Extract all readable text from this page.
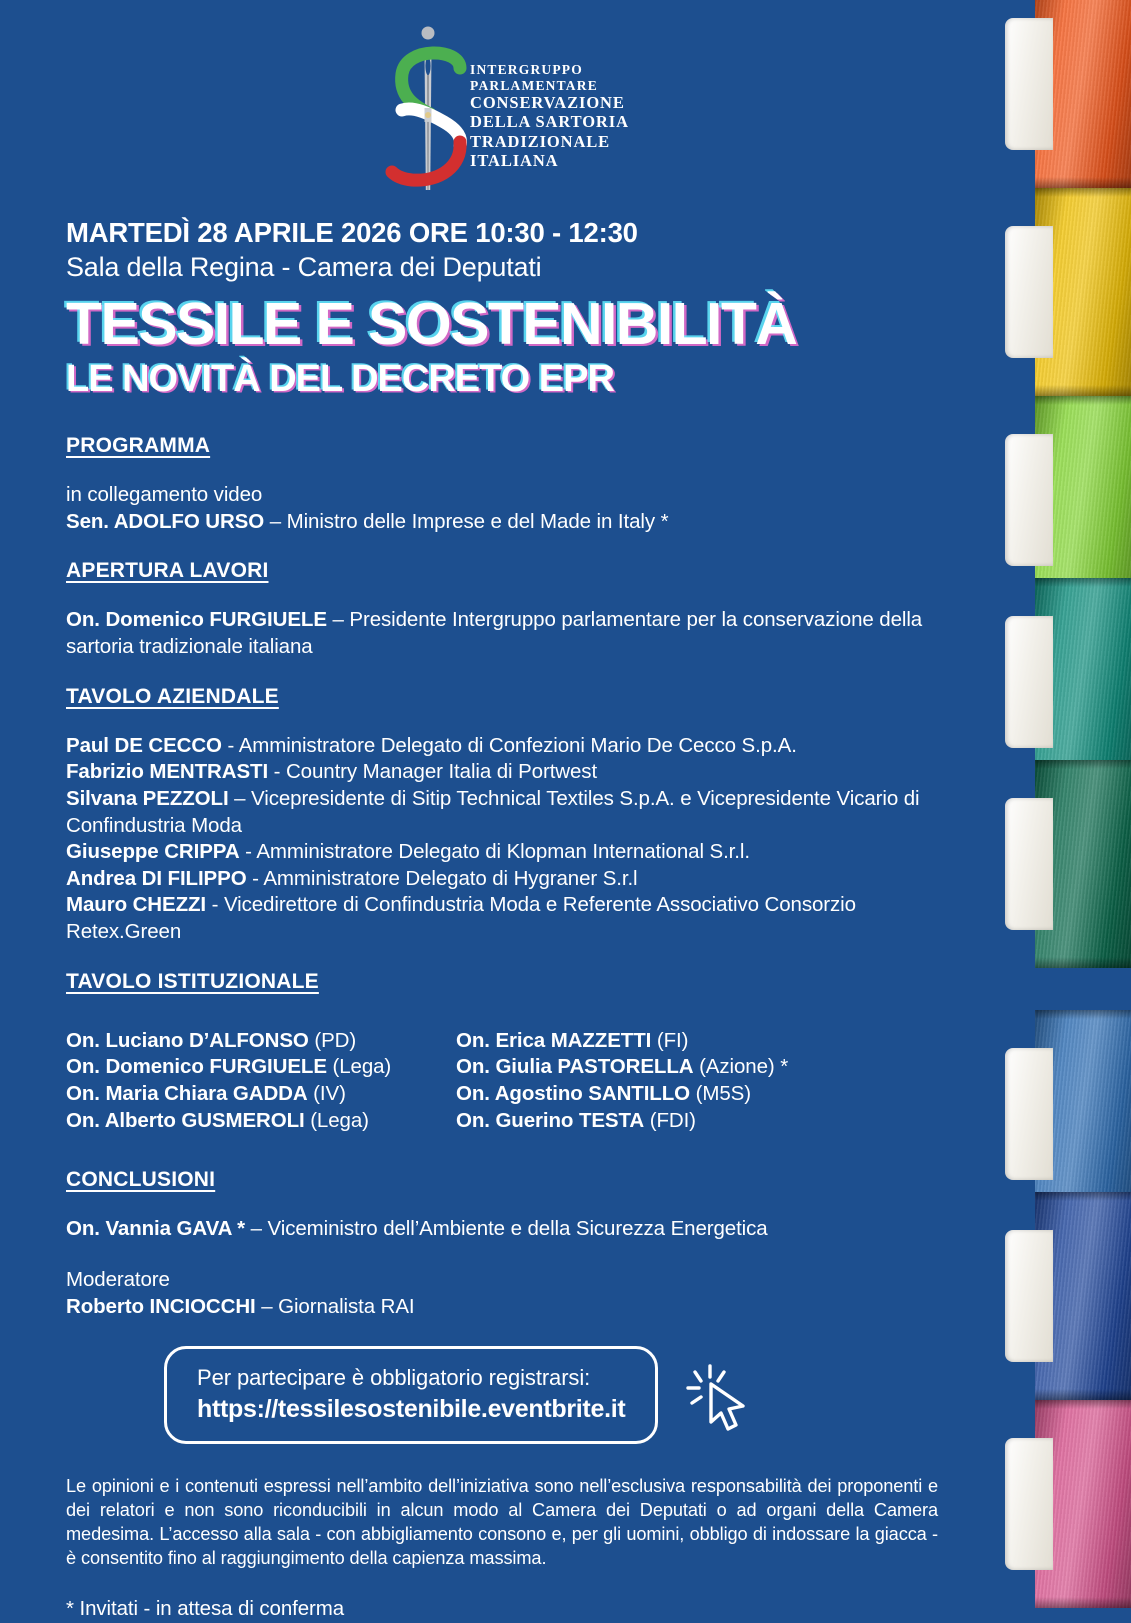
INTERGRUPPO
PARLAMENTARE
CONSERVAZIONE
DELLA SARTORIA
TRADIZIONALE
ITALIANA
MARTEDÌ 28 APRILE 2026 ORE 10:30 - 12:30
Sala della Regina - Camera dei Deputati
TESSILE E SOSTENIBILITÀ
LE NOVITÀ DEL DECRETO EPR
PROGRAMMA
in collegamento video
Sen. ADOLFO URSO – Ministro delle Imprese e del Made in Italy *
APERTURA LAVORI
On. Domenico FURGIUELE – Presidente Intergruppo parlamentare per la conservazione della sartoria tradizionale italiana
TAVOLO AZIENDALE
Paul DE CECCO - Amministratore Delegato di Confezioni Mario De Cecco S.p.A.
Fabrizio MENTRASTI - Country Manager Italia di Portwest
Silvana PEZZOLI – Vicepresidente di Sitip Technical Textiles S.p.A. e Vicepresidente Vicario di Confindustria Moda
Giuseppe CRIPPA - Amministratore Delegato di Klopman International S.r.l.
Andrea DI FILIPPO - Amministratore Delegato di Hygraner S.r.l
Mauro CHEZZI - Vicedirettore di Confindustria Moda e Referente Associativo Consorzio Retex.Green
TAVOLO ISTITUZIONALE
On. Luciano D’ALFONSO (PD)	On. Erica MAZZETTI (FI)
On. Domenico FURGIUELE (Lega)	On. Giulia PASTORELLA (Azione) *
On. Maria Chiara GADDA (IV)	On. Agostino SANTILLO (M5S)
On. Alberto GUSMEROLI (Lega)	On. Guerino TESTA (FDI)
CONCLUSIONI
On. Vannia GAVA * – Viceministro dell’Ambiente e della Sicurezza Energetica
Moderatore
Roberto INCIOCCHI – Giornalista RAI
Per partecipare è obbligatorio registrarsi:
https://tessilesostenibile.eventbrite.it
Le opinioni e i contenuti espressi nell’ambito dell’iniziativa sono nell’esclusiva responsabilità dei proponenti e dei relatori e non sono riconducibili in alcun modo al Camera dei Deputati o ad organi della Camera medesima. L’accesso alla sala - con abbigliamento consono e, per gli uomini, obbligo di indossare la giacca - è consentito fino al raggiungimento della capienza massima.
* Invitati - in attesa di conferma
